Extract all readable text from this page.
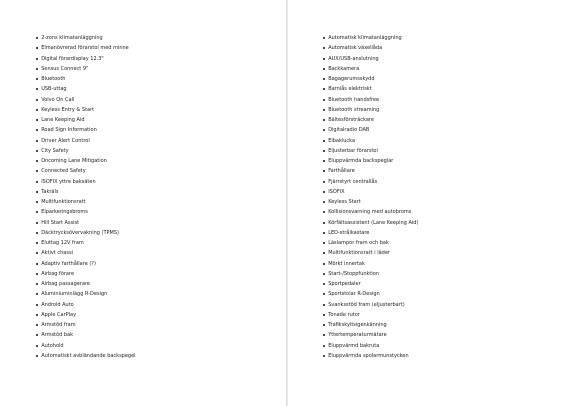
2-zons klimatanläggning
Elmanövrerad förarstol med minne
Digital förardisplay 12.3"
Sensus Connect 9"
Bluetooth
USB-uttag
Volvo On Call
Keyless Entry & Start
Lane Keeping Aid
Road Sign Information
Driver Alert Control
City Safety
Oncoming Lane Mitigation
Connected Safety
ISOFIX yttre baksäten
Takräls
Multifunktionsratt
Elparkeringsbroms
Hill Start Assist
Däcktrycksövervakning (TPMS)
Eluttag 12V fram
Aktivt chassi
Adaptiv farthållare (?)
Airbag förare
Airbag passagerare
Aluminiuminlägg R-Design
Android Auto
Apple CarPlay
Armstöd fram
Armstöd bak
Autohold
Automatiskt avbländande backspegel
Automatisk klimatanläggning
Automatisk växellåda
AUX/USB-anslutning
Backkamera
Bagagerumsskydd
Barnlås elektriskt
Bluetooth handsfree
Bluetooth streaming
Bältesförsträckare
Digitalradio DAB
Elbaklucka
Eljusterbar förarstol
Eluppvärmda backspeglar
Farthållare
Fjärrstyrt centrallås
ISOFIX
Keyless Start
Kollisionsvarning med autobroms
Körfältsassistent (Lane Keeping Aid)
LED-strålkastare
Läslampor fram och bak
Multifunktionsratt i läder
Mörkt innertak
Start-/Stoppfunktion
Sportpedaler
Sportstolar R-Design
Svanksstöd fram (eljusterbart)
Tonade rutor
Trafikskyltsigenkänning
Yttertemperaturmätare
Eluppvärmd bakruta
Eluppvärmda spolarmunstycken
